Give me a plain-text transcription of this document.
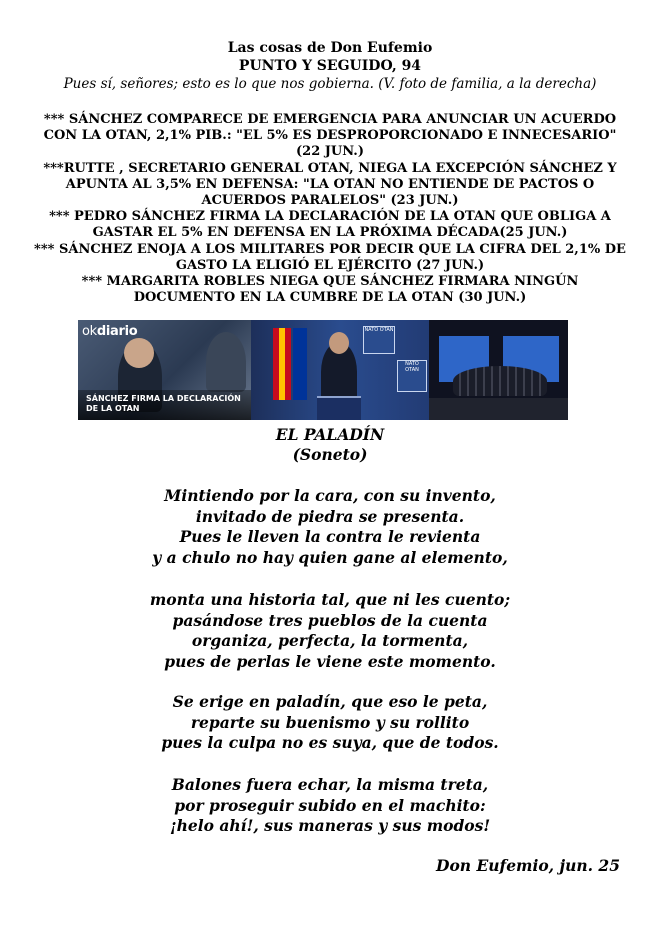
Las cosas de Don Eufemio
PUNTO Y SEGUIDO, 94
Pues sí, señores; esto es lo que nos gobierna. (V. foto de familia, a la derecha)
*** SÁNCHEZ COMPARECE DE EMERGENCIA PARA ANUNCIAR UN ACUERDO CON LA OTAN, 2,1% PIB.: "EL 5% ES DESPROPORCIONADO E INNECESARIO" (22 JUN.)
***RUTTE , SECRETARIO GENERAL OTAN, NIEGA LA EXCEPCIÓN SÁNCHEZ Y APUNTA AL 3,5% EN DEFENSA: "LA OTAN NO ENTIENDE DE PACTOS O ACUERDOS PARALELOS" (23 JUN.)
*** PEDRO SÁNCHEZ FIRMA LA DECLARACIÓN DE LA OTAN QUE OBLIGA A GASTAR EL 5% EN DEFENSA EN LA PRÓXIMA DÉCADA(25 JUN.)
*** SÁNCHEZ ENOJA A LOS MILITARES POR DECIR QUE LA CIFRA DEL 2,1% DE GASTO LA ELIGIÓ EL EJÉRCITO (27 JUN.)
*** MARGARITA ROBLES NIEGA QUE SÁNCHEZ FIRMARA NINGÚN DOCUMENTO EN LA CUMBRE DE LA OTAN (30 JUN.)
okdiario
SÁNCHEZ FIRMA LA DECLARACIÓN DE LA OTAN
NATO OTAN
NATO OTAN
EL PALADÍN
(Soneto)
Mintiendo por la cara, con su invento,
invitado de piedra se presenta.
Pues le lleven la contra le revienta
y a chulo no hay quien gane al elemento,
monta una historia tal, que ni les cuento;
pasándose tres pueblos de la cuenta
organiza, perfecta, la tormenta,
pues de perlas le viene este momento.
Se erige en paladín, que eso le peta,
reparte su buenismo y su rollito
pues la culpa no es suya, que de todos.
Balones fuera echar, la misma treta,
por proseguir subido en el machito:
¡helo ahí!, sus maneras y sus modos!
Don Eufemio, jun. 25
